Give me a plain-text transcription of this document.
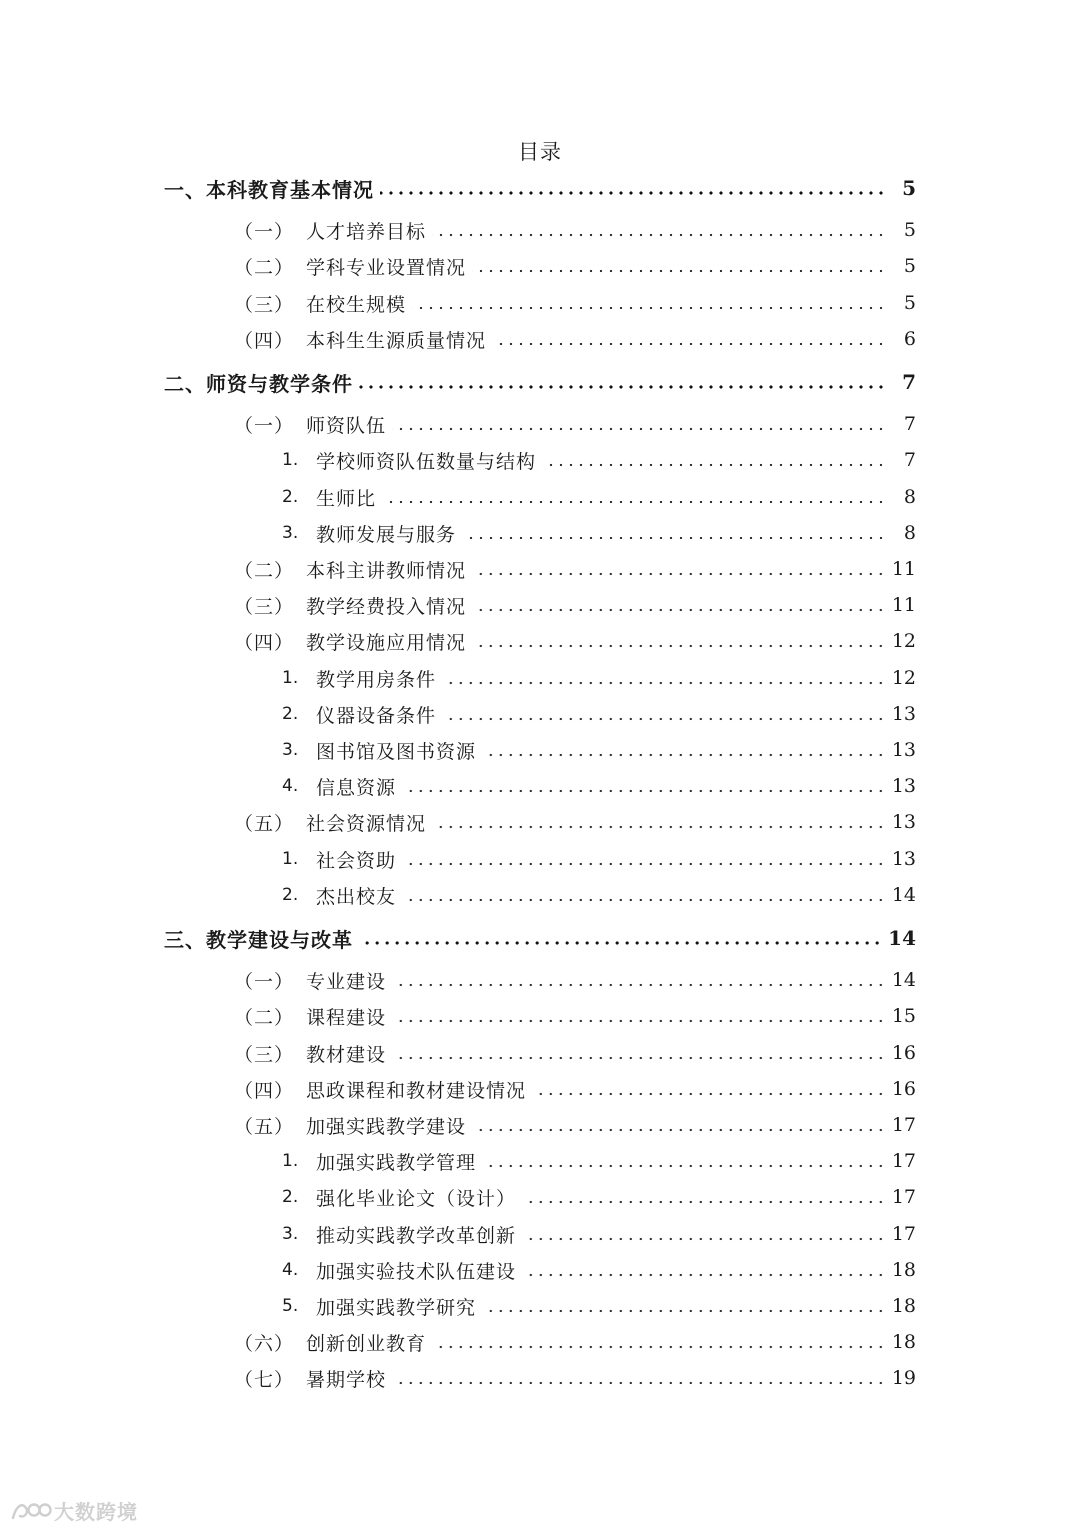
目录
一、 本科教育基本情况	5
（一） 人才培养目标	5
（二） 学科专业设置情况	5
（三） 在校生规模	5
（四） 本科生生源质量情况	6
二、 师资与教学条件	7
（一） 师资队伍	7
1. 学校师资队伍数量与结构	7
2. 生师比	8
3. 教师发展与服务	8
（二） 本科主讲教师情况	11
（三） 教学经费投入情况	11
（四） 教学设施应用情况	12
1. 教学用房条件	12
2. 仪器设备条件	13
3. 图书馆及图书资源	13
4. 信息资源	13
（五） 社会资源情况	13
1. 社会资助	13
2. 杰出校友	14
三、 教学建设与改革	14
（一） 专业建设	14
（二） 课程建设	15
（三） 教材建设	16
（四） 思政课程和教材建设情况	16
（五） 加强实践教学建设	17
1. 加强实践教学管理	17
2. 强化毕业论文（设计）	17
3. 推动实践教学改革创新	17
4. 加强实验技术队伍建设	18
5. 加强实践教学研究	18
（六） 创新创业教育	18
（七） 暑期学校	19
大数跨境
